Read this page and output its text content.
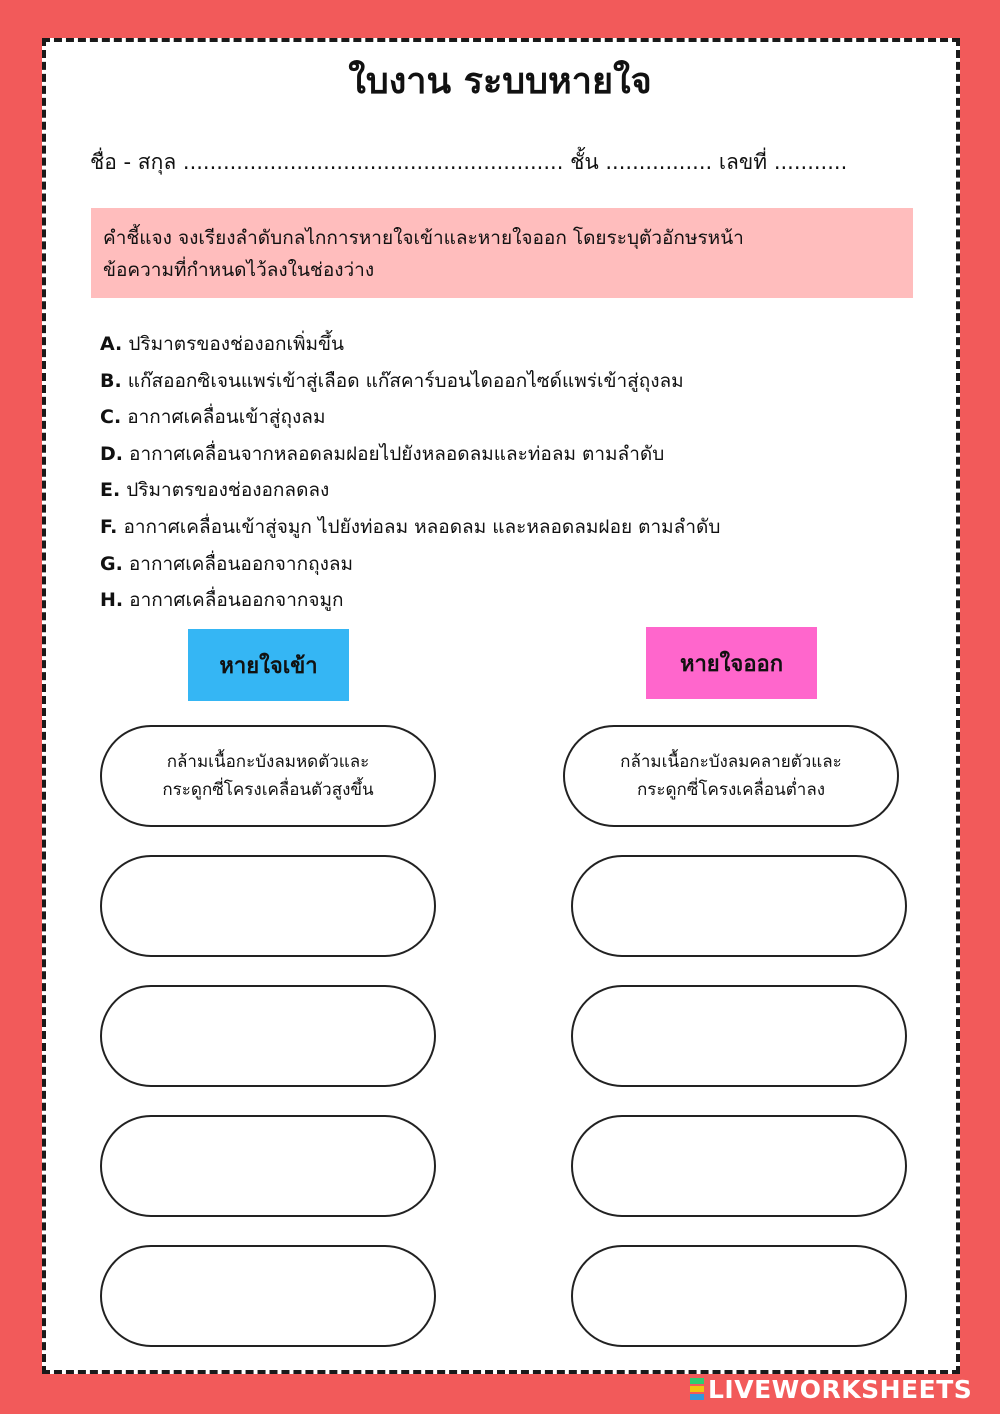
ใบงาน ระบบหายใจ
ชื่อ - สกุล ......................................................... ชั้น ................ เลขที่ ...........
คำชี้แจง จงเรียงลำดับกลไกการหายใจเข้าและหายใจออก โดยระบุตัวอักษรหน้า
ข้อความที่กำหนดไว้ลงในช่องว่าง
A. ปริมาตรของช่องอกเพิ่มขึ้น
B. แก๊สออกซิเจนแพร่เข้าสู่เลือด แก๊สคาร์บอนไดออกไซด์แพร่เข้าสู่ถุงลม
C. อากาศเคลื่อนเข้าสู่ถุงลม
D. อากาศเคลื่อนจากหลอดลมฝอยไปยังหลอดลมและท่อลม ตามลำดับ
E. ปริมาตรของช่องอกลดลง
F. อากาศเคลื่อนเข้าสู่จมูก ไปยังท่อลม หลอดลม และหลอดลมฝอย ตามลำดับ
G. อากาศเคลื่อนออกจากถุงลม
H. อากาศเคลื่อนออกจากจมูก
หายใจเข้า	หายใจออก
กล้ามเนื้อกะบังลมหดตัวและ
กระดูกซี่โครงเคลื่อนตัวสูงขึ้น
กล้ามเนื้อกะบังลมคลายตัวและ
กระดูกซี่โครงเคลื่อนต่ำลง
LIVEWORKSHEETS
